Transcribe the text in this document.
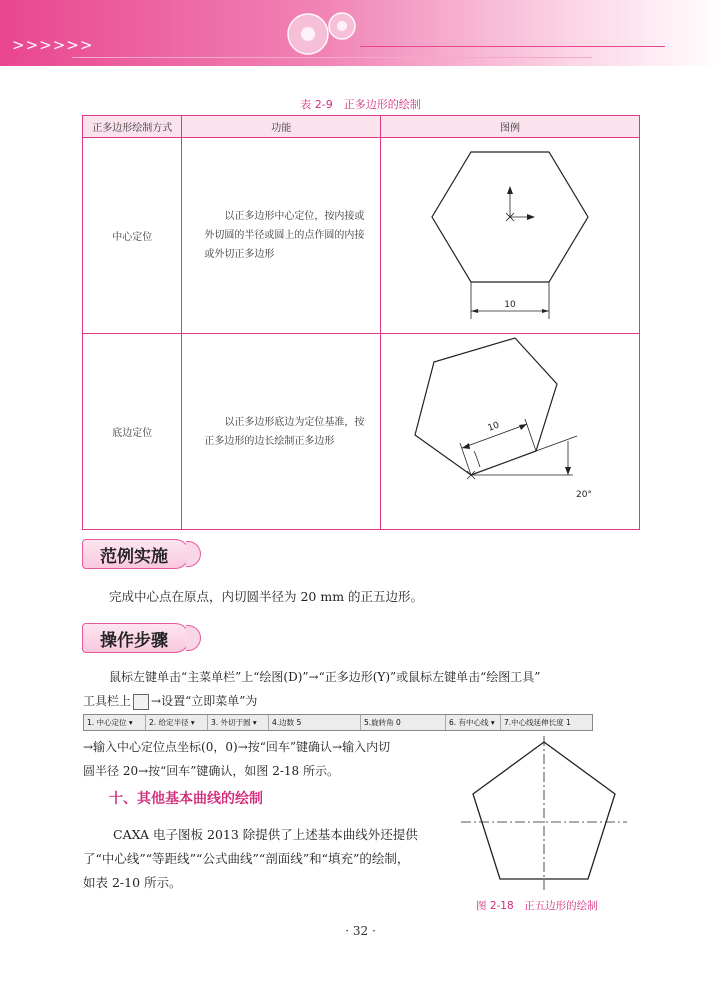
>>>>>>
表 2-9　正多边形的绘制
正多边形绘制方式	功能	图例
中心定位	以正多边形中心定位，按内接或外切圆的半径或圆上的点作圆的内接或外切正多边形	10

底边定位	以正多边形底边为定位基准，按正多边形的边长绘制正多边形	10
20°
范例实施
完成中心点在原点，内切圆半径为 20 mm 的正五边形。
操作步骤
鼠标左键单击“主菜单栏”上“绘图(D)”→“正多边形(Y)”或鼠标左键单击“绘图工具”
工具栏上 →设置“立即菜单”为
1. 中心定位 ▾	2. 给定半径 ▾	3. 外切于圆 ▾	4.边数 5	5.旋转角 0	6. 有中心线 ▾	7.中心线延伸长度 1
→输入中心定位点坐标(0，0)→按“回车”键确认→输入内切
圆半径 20→按“回车”键确认，如图 2-18 所示。
十、其他基本曲线的绘制
CAXA 电子图板 2013 除提供了上述基本曲线外还提供
了“中心线”“等距线”“公式曲线”“剖面线”和“填充”的绘制，
如表 2-10 所示。
图 2-18　正五边形的绘制
· 32 ·
